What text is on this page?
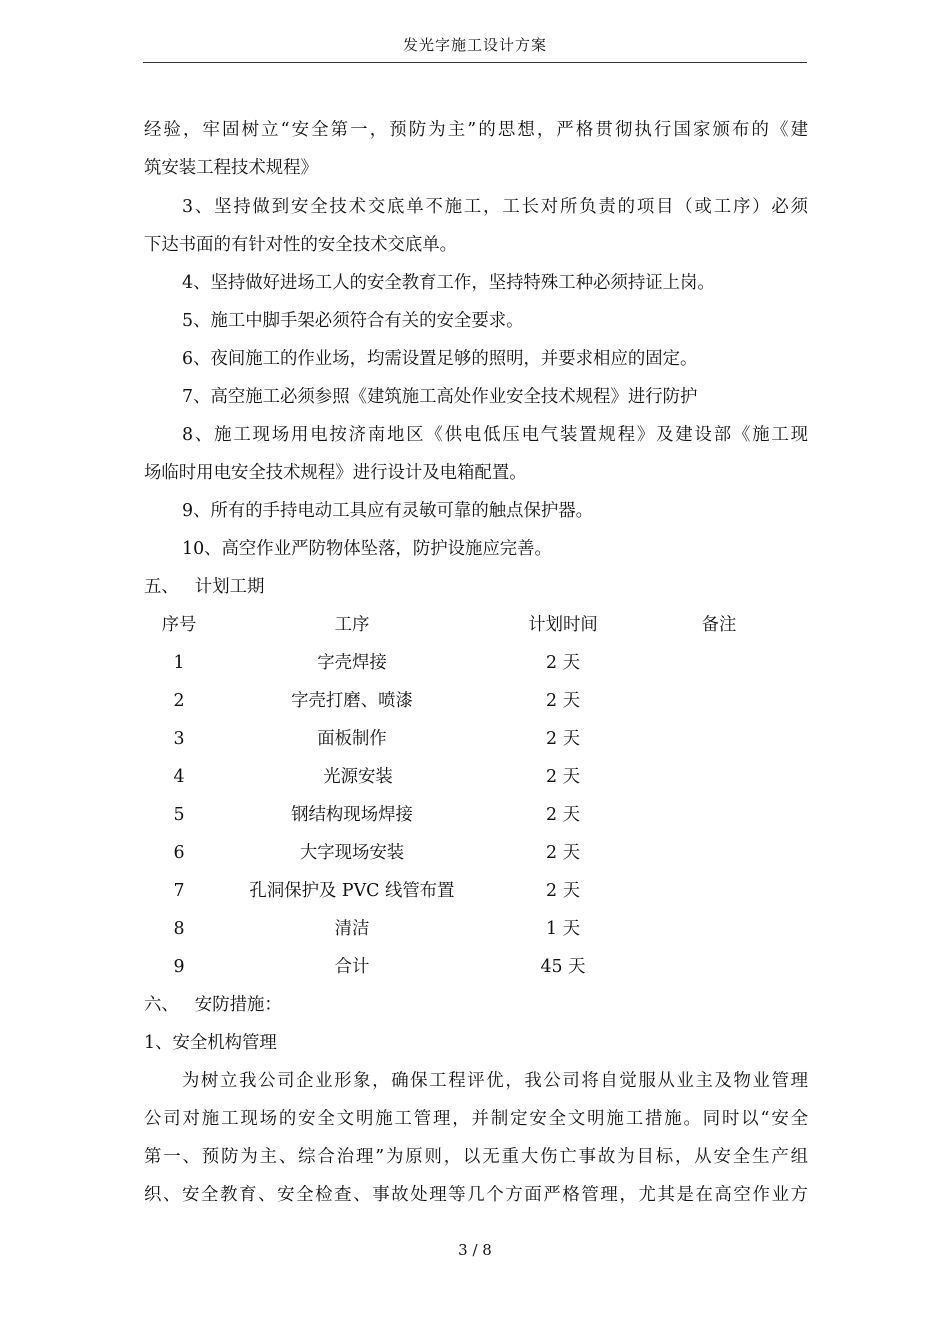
发光字施工设计方案
经验，牢固树立“安全第一，预防为主”的思想，严格贯彻执行国家颁布的《建
筑安装工程技术规程》
3、坚持做到安全技术交底单不施工，工长对所负责的项目（或工序）必须
下达书面的有针对性的安全技术交底单。
4、坚持做好进场工人的安全教育工作，坚持特殊工种必须持证上岗。
5、施工中脚手架必须符合有关的安全要求。
6、夜间施工的作业场，均需设置足够的照明，并要求相应的固定。
7、高空施工必须参照《建筑施工高处作业安全技术规程》进行防护
8、施工现场用电按济南地区《供电低压电气装置规程》及建设部《施工现
场临时用电安全技术规程》进行设计及电箱配置。
9、所有的手持电动工具应有灵敏可靠的触点保护器。
10、高空作业严防物体坠落，防护设施应完善。
五、 计划工期
序号	工序	计划时间	备注
1	字壳焊接	2 天
2	字壳打磨、喷漆	2 天
3	面板制作	2 天
4	光源安装	2 天
5	钢结构现场焊接	2 天
6	大字现场安装	2 天
7	孔洞保护及 PVC 线管布置	2 天
8	清洁	1 天
9	合计	45 天
六、 安防措施：
1、安全机构管理
为树立我公司企业形象，确保工程评优，我公司将自觉服从业主及物业管理
公司对施工现场的安全文明施工管理，并制定安全文明施工措施。同时以“安全
第一、预防为主、综合治理”为原则，以无重大伤亡事故为目标，从安全生产组
织、安全教育、安全检查、事故处理等几个方面严格管理，尤其是在高空作业方
3 / 8
